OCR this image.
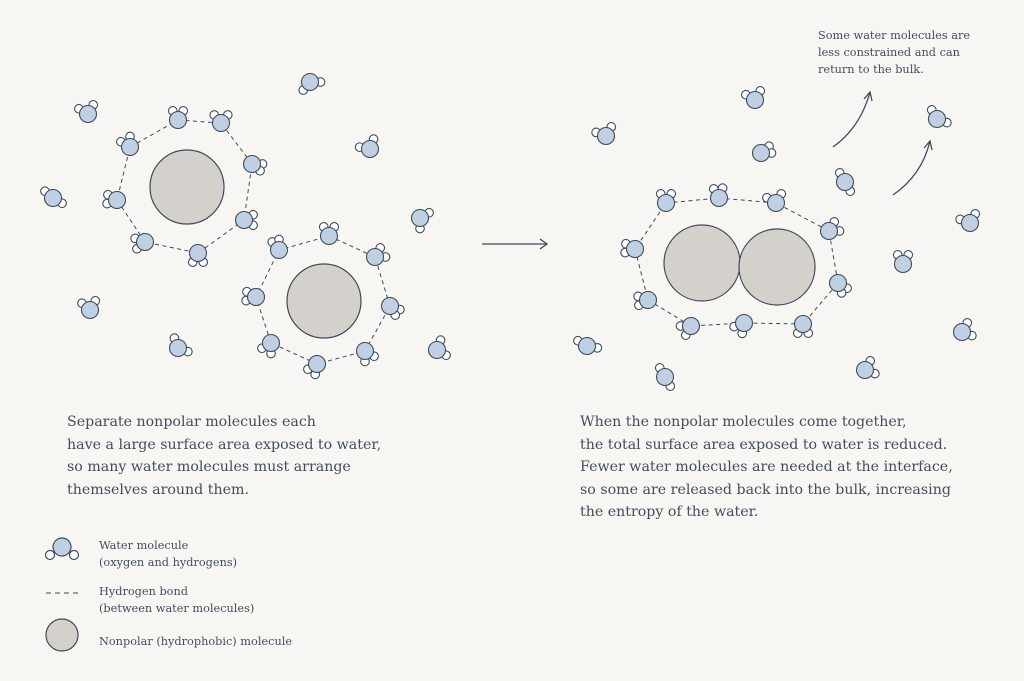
Separate nonpolar molecules each
have a large surface area exposed to water,
so many water molecules must arrange
themselves around them.
When the nonpolar molecules come together,
the total surface area exposed to water is reduced.
Fewer water molecules are needed at the interface,
so some are released back into the bulk, increasing
the entropy of the water.
Some water molecules are
less constrained and can
return to the bulk.
Water molecule
(oxygen and hydrogens)
Hydrogen bond
(between water molecules)
Nonpolar (hydrophobic) molecule
